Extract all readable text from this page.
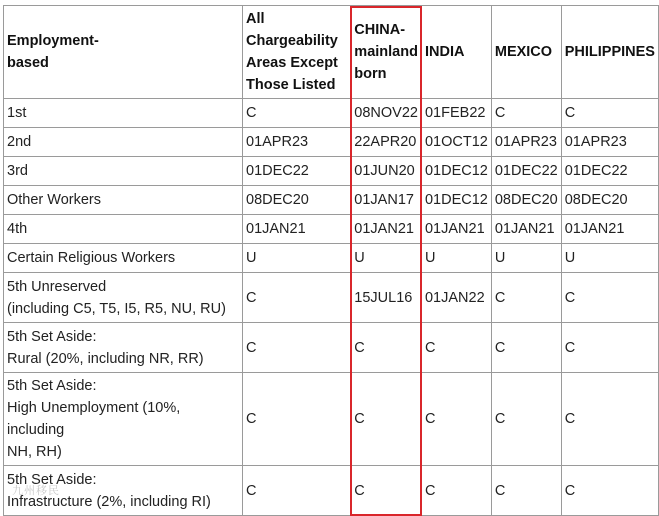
Employment-
based	All
Chargeability
Areas Except
Those Listed	CHINA-
mainland
born	INDIA	MEXICO	PHILIPPINES
1st	C	08NOV22	01FEB22	C	C
2nd	01APR23	22APR20	01OCT12	01APR23	01APR23
3rd	01DEC22	01JUN20	01DEC12	01DEC22	01DEC22
Other Workers	08DEC20	01JAN17	01DEC12	08DEC20	08DEC20
4th	01JAN21	01JAN21	01JAN21	01JAN21	01JAN21
Certain Religious Workers	U	U	U	U	U
5th Unreserved
(including C5, T5, I5, R5, NU, RU)	C	15JUL16	01JAN22	C	C
5th Set Aside:
Rural (20%, including NR, RR)	C	C	C	C	C
5th Set Aside:
High Unemployment (10%, including
NH, RH)	C	C	C	C	C
5th Set Aside:
Infrastructure (2%, including RI)	C	C	C	C	C
九州移民
